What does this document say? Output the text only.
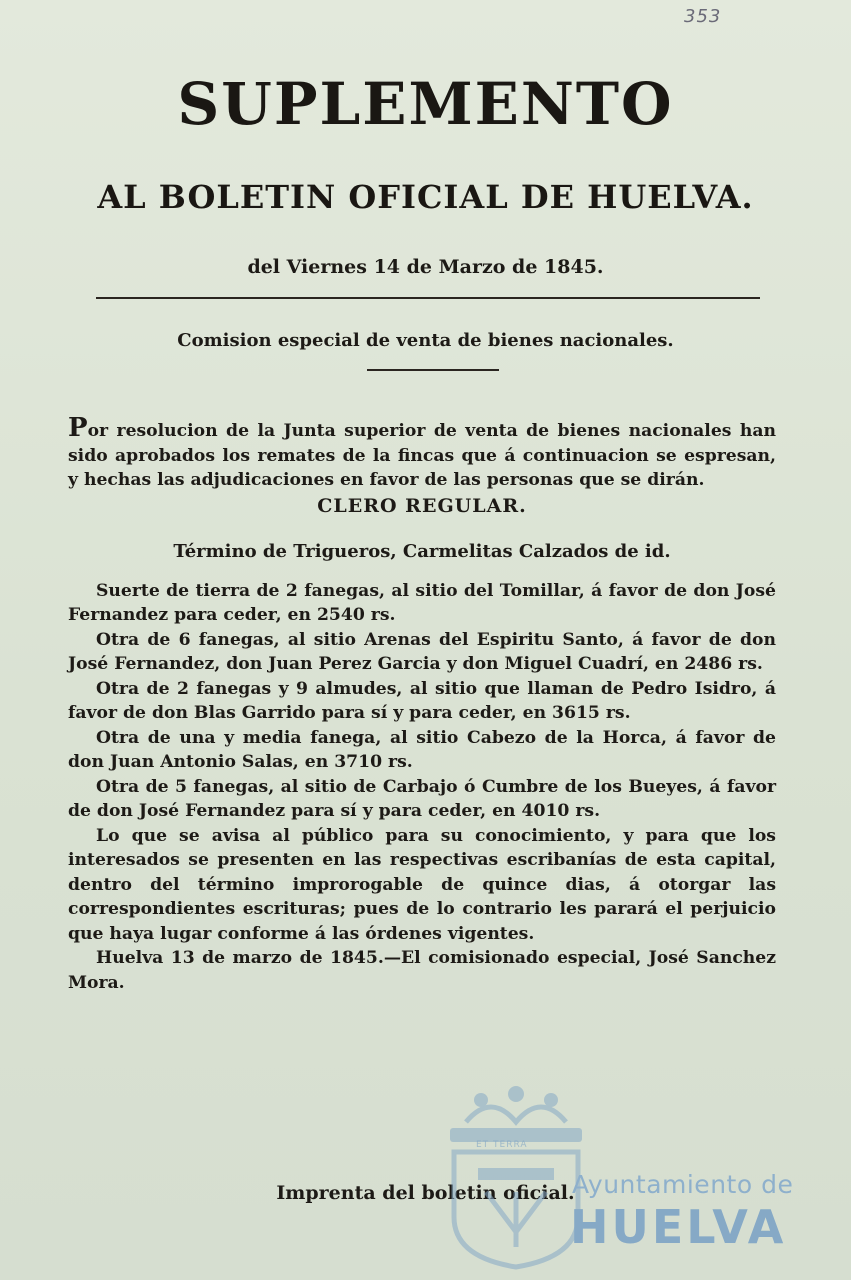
353
SUPLEMENTO
AL BOLETIN OFICIAL DE HUELVA.
del Viernes 14 de Marzo de 1845.
Comision especial de venta de bienes nacionales.

Por resolucion de la Junta superior de venta de bienes nacionales han sido aprobados los remates de la fincas que á continuacion se espresan, y hechas las adjudicaciones en favor de las personas que se dirán.

CLERO REGULAR.
Término de Trigueros, Carmelitas Calzados de id.

Suerte de tierra de 2 fanegas, al sitio del Tomillar, á favor de don José Fernandez para ceder, en 2540 rs.

Otra de 6 fanegas, al sitio Arenas del Espiritu Santo, á favor de don José Fernandez, don Juan Perez Garcia y don Miguel Cuadrí, en 2486 rs.

Otra de 2 fanegas y 9 almudes, al sitio que llaman de Pedro Isidro, á favor de don Blas Garrido para sí y para ceder, en 3615 rs.

Otra de una y media fanega, al sitio Cabezo de la Horca, á favor de don Juan Antonio Salas, en 3710 rs.

Otra de 5 fanegas, al sitio de Carbajo ó Cumbre de los Bueyes, á favor de don José Fernandez para sí y para ceder, en 4010 rs.

Lo que se avisa al público para su conocimiento, y para que los interesados se presenten en las respectivas escribanías de esta capital, dentro del término improrogable de quince dias, á otorgar las correspondientes escrituras; pues de lo contrario les parará el perjuicio que haya lugar conforme á las órdenes vigentes.

Huelva 13 de marzo de 1845.—El comisionado especial, José Sanchez Mora.

Imprenta del boletin oficial.
Ayuntamiento de
HUELVA
ET TERRA
